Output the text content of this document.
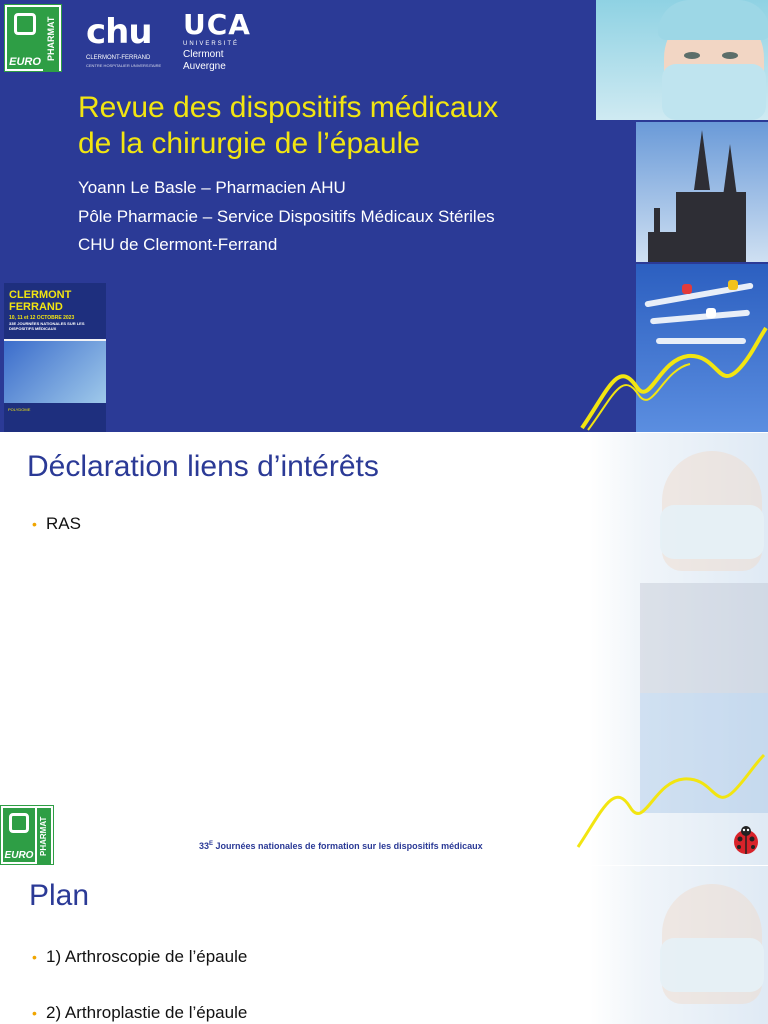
PHARMAT
EURO
chu
CLERMONT-FERRAND
CENTRE HOSPITALIER UNIVERSITAIRE
UCA
UNIVERSITÉ
Clermont
Auvergne
Revue des dispositifs médicaux
de la chirurgie de l’épaule
Yoann Le Basle – Pharmacien AHU
Pôle Pharmacie – Service Dispositifs Médicaux Stériles
CHU de Clermont-Ferrand
CLERMONT
FERRAND
10, 11 et 12 OCTOBRE 2023
33E JOURNÉES NATIONALES SUR LES DISPOSITIFS MÉDICAUX
POLYDOME
Déclaration liens d’intérêts
• RAS
PHARMAT
EURO
$33^E$ Journées nationales de formation sur les dispositifs médicaux
Plan
• 1) Arthroscopie de l’épaule
• 2) Arthroplastie de l’épaule
